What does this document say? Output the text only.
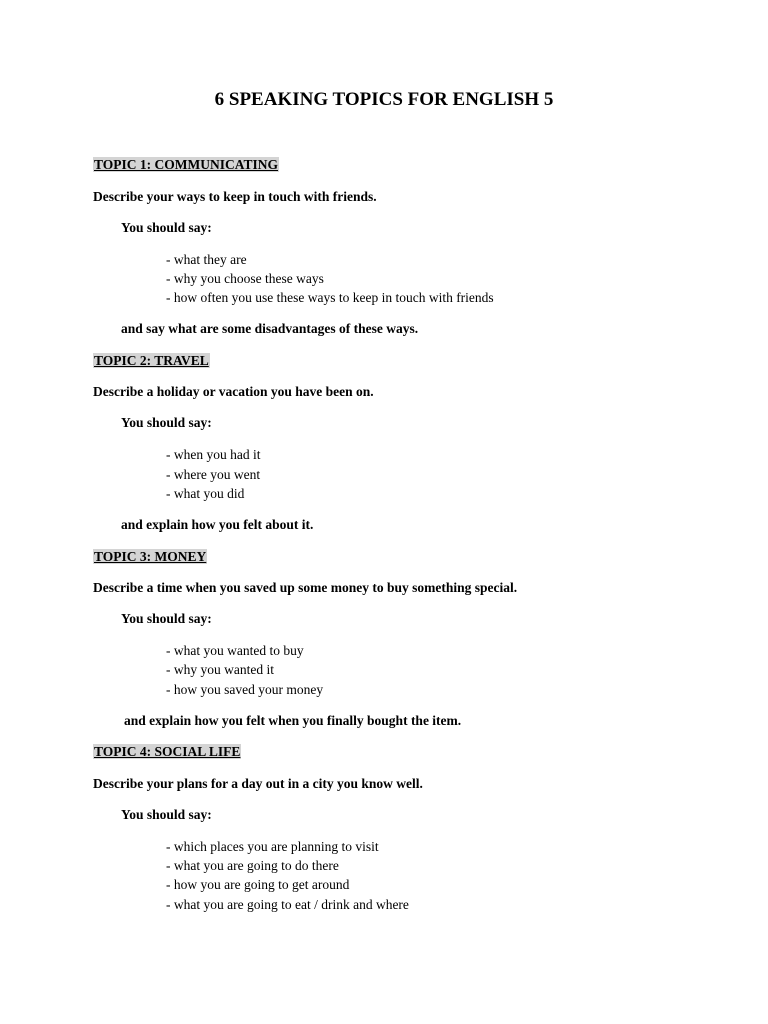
6 SPEAKING TOPICS FOR ENGLISH 5
TOPIC 1: COMMUNICATING
Describe your ways to keep in touch with friends.
You should say:
- what they are
- why you choose these ways
- how often you use these ways to keep in touch with friends
and say what are some disadvantages of these ways.
TOPIC 2: TRAVEL
Describe a holiday or vacation you have been on.
You should say:
- when you had it
- where you went
- what you did
and explain how you felt about it.
TOPIC 3: MONEY
Describe a time when you saved up some money to buy something special.
You should say:
- what you wanted to buy
- why you wanted it
- how you saved your money
and explain how you felt when you finally bought the item.
TOPIC 4: SOCIAL LIFE
Describe your plans for a day out in a city you know well.
You should say:
- which places you are planning to visit
- what you are going to do there
- how you are going to get around
- what you are going to eat / drink and where
